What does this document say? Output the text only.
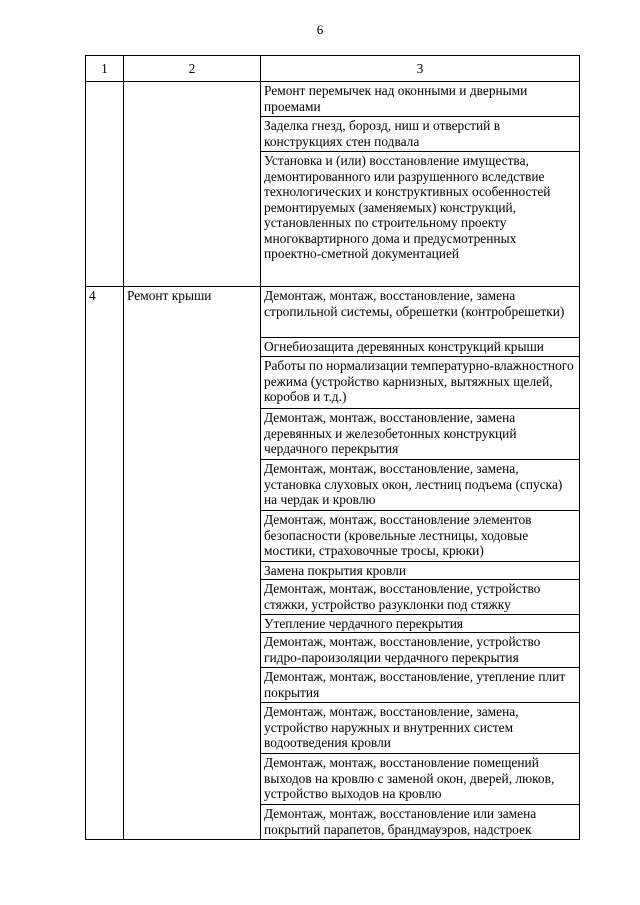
6
1	2	3
		Ремонт перемычек над оконными и дверными проемами
		Заделка гнезд, борозд, ниш и отверстий в конструкциях стен подвала
		Установка и (или) восстановление имущества, демонтированного или разрушенного вследствие технологических и конструктивных особенностей ремонтируемых (заменяемых) конструкций, установленных по строительному проекту многоквартирного дома и предусмотренных проектно-сметной документацией
4	Ремонт крыши	Демонтаж, монтаж, восстановление, замена стропильной системы, обрешетки (контробрешетки)
		Огнебиозащита деревянных конструкций крыши
		Работы по нормализации температурно-влажностного режима (устройство карнизных, вытяжных щелей, коробов и т.д.)
		Демонтаж, монтаж, восстановление, замена деревянных и железобетонных конструкций чердачного перекрытия
		Демонтаж, монтаж, восстановление, замена, установка слуховых окон, лестниц подъема (спуска) на чердак и кровлю
		Демонтаж, монтаж, восстановление элементов безопасности (кровельные лестницы, ходовые мостики, страховочные тросы, крюки)
		Замена покрытия кровли
		Демонтаж, монтаж, восстановление, устройство стяжки, устройство разуклонки под стяжку
		Утепление чердачного перекрытия
		Демонтаж, монтаж, восстановление, устройство гидро-пароизоляции чердачного перекрытия
		Демонтаж, монтаж, восстановление, утепление плит покрытия
		Демонтаж, монтаж, восстановление, замена, устройство наружных и внутренних систем водоотведения кровли
		Демонтаж, монтаж, восстановление помещений выходов на кровлю с заменой окон, дверей, люков, устройство выходов на кровлю
		Демонтаж, монтаж, восстановление или замена покрытий парапетов, брандмауэров, надстроек
